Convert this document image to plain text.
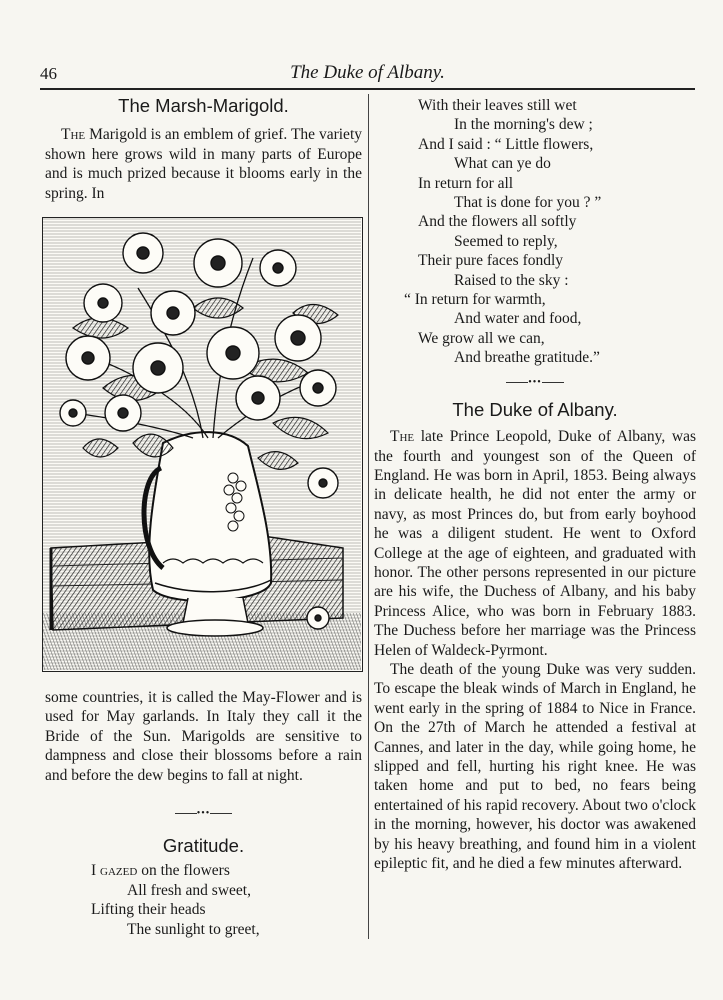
46	The Duke of Albany.
The Marsh-Marigold.

The Marigold is an emblem of grief. The variety shown here grows wild in many parts of Europe and is much prized because it blooms early in the spring. In

some countries, it is called the May-Flower and is used for May garlands. In Italy they call it the Bride of the Sun. Marigolds are sensitive to dampness and close their blossoms before a rain and before the dew begins to fall at night.

•••
Gratitude.
I gazed on the flowers
All fresh and sweet,
Lifting their heads
The sunlight to greet,
With their leaves still wet
In the morning's dew ;
And I said : “ Little flowers,
What can ye do
In return for all
That is done for you ? ”
And the flowers all softly
Seemed to reply,
Their pure faces fondly
Raised to the sky :
“ In return for warmth,
And water and food,
We grow all we can,
And breathe gratitude.”
•••
The Duke of Albany.

The late Prince Leopold, Duke of Albany, was the fourth and youngest son of the Queen of England. He was born in April, 1853. Being always in delicate health, he did not enter the army or navy, as most Princes do, but from early boyhood he was a diligent student. He went to Oxford College at the age of eighteen, and graduated with honor. The other persons represented in our picture are his wife, the Duchess of Albany, and his baby Princess Alice, who was born in February 1883. The Duchess before her marriage was the Princess Helen of Waldeck-Pyrmont.

The death of the young Duke was very sudden. To escape the bleak winds of March in England, he went early in the spring of 1884 to Nice in France. On the 27th of March he attended a festival at Cannes, and later in the day, while going home, he slipped and fell, hurting his right knee. He was taken home and put to bed, no fears being entertained of his rapid recovery. About two o'clock in the morning, however, his doctor was awakened by his heavy breathing, and found him in a violent epileptic fit, and he died a few minutes afterward.
